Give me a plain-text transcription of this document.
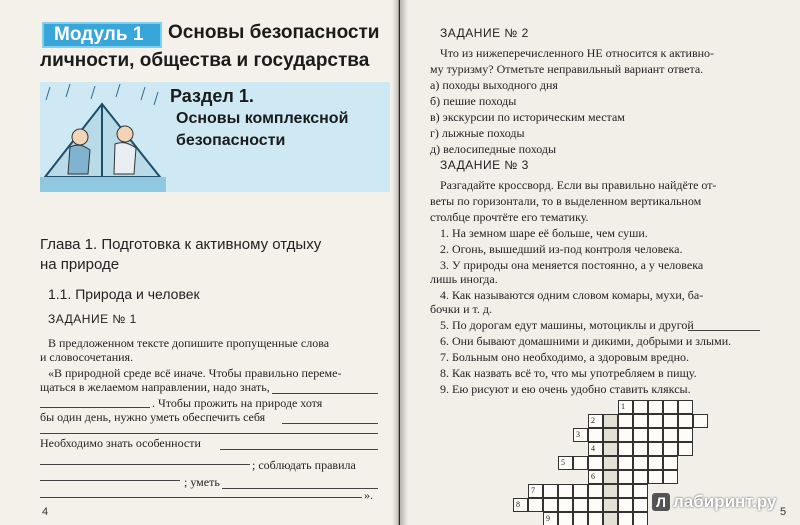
Модуль 1	Основы безопасности
личности, общества и государства
Раздел 1.
Основы комплексной
безопасности
Глава 1. Подготовка к активному отдыху
на природе
1.1. Природа и человек
ЗАДАНИЕ № 1
В предложенном тексте допишите пропущенные слова
и словосочетания.
«В природной среде всё иначе. Чтобы правильно переме-
щаться в желаемом направлении, надо знать,
. Чтобы прожить на природе хотя
бы один день, нужно уметь обеспечить себя
Необходимо знать особенности
; соблюдать правила
; уметь
».
4
ЗАДАНИЕ № 2
Что из нижеперечисленного НЕ относится к активно-
му туризму? Отметьте неправильный вариант ответа.
а) походы выходного дня
б) пешие походы
в) экскурсии по историческим местам
г) лыжные походы
д) велосипедные походы
ЗАДАНИЕ № 3
Разгадайте кроссворд. Если вы правильно найдёте от-
веты по горизонтали, то в выделенном вертикальном
столбце прочтёте его тематику.
1. На земном шаре её больше, чем суши.
2. Огонь, вышедший из-под контроля человека.
3. У природы она меняется постоянно, а у человека
лишь иногда.
4. Как называются одним словом комары, мухи, ба-
бочки и т. д.
5. По дорогам едут машины, мотоциклы и другой
6. Они бывают домашними и дикими, добрыми и злыми.
7. Больным оно необходимо, а здоровым вредно.
8. Как назвать всё то, что мы употребляем в пищу.
9. Ею рисуют и ею очень удобно ставить кляксы.
1
2
3
4
5
6
7
8
9
5
Л лабиринт.ру
